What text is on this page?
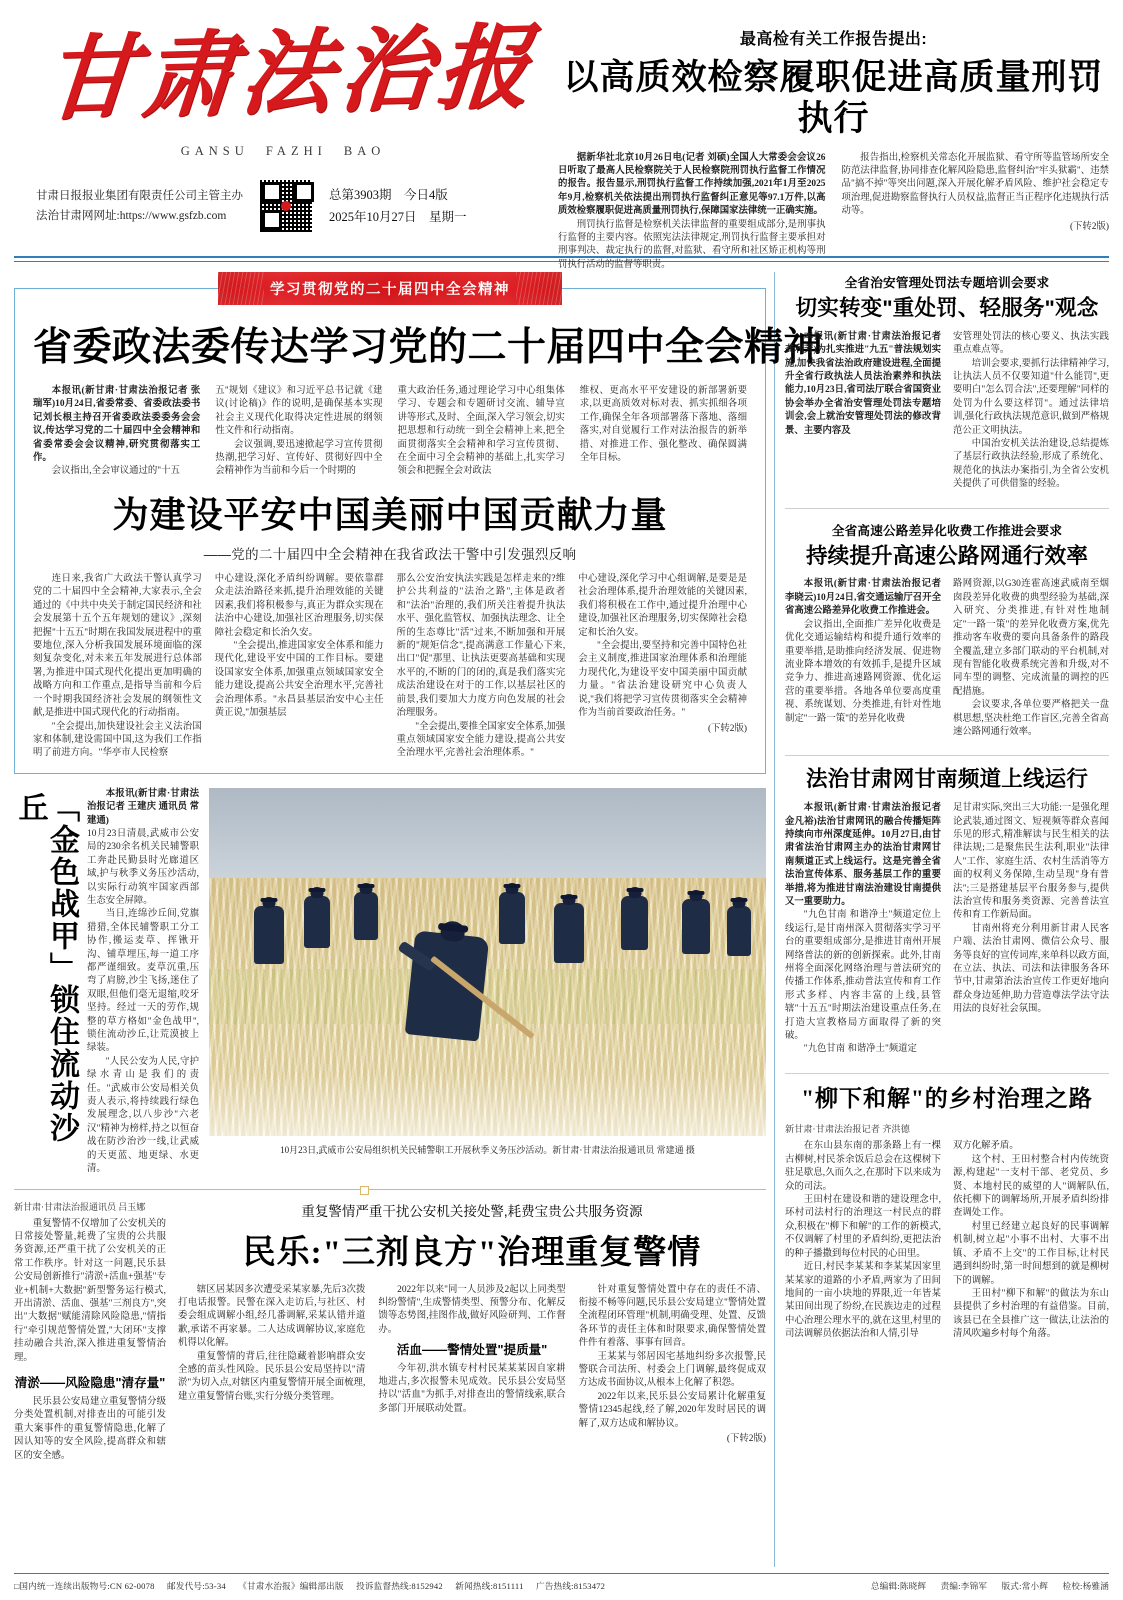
甘肃法治报
GANSU FAZHI BAO
甘肃日报报业集团有限责任公司主管主办
法治甘肃网网址:https://www.gsfzb.com
总第3903期 今日4版
2025年10月27日 星期一
最高检有关工作报告提出:
以高质效检察履职促进高质量刑罚执行

据新华社北京10月26日电(记者 刘硕)全国人大常委会会议26日听取了最高人民检察院关于人民检察院刑罚执行监督工作情况的报告。报告显示,刑罚执行监督工作持续加强,2021年1月至2025年9月,检察机关依法提出刑罚执行监督纠正意见等97.1万件,以高质效检察履职促进高质量刑罚执行,保障国家法律统一正确实施。

刑罚执行监督是检察机关法律监督的重要组成部分,是刑事执行监督的主要内容。依照宪法法律规定,刑罚执行监督主要承担对刑事判决、裁定执行的监督,对监狱、看守所和社区矫正机构等刑罚执行活动的监督等职责。

报告指出,检察机关常态化开展监狱、看守所等监管场所安全防范法律监督,协同排查化解风险隐患,监督纠治"牢头狱霸"、违禁品"搞不掉"等突出问题,深入开展化解矛盾风险、维护社会稳定专项治理,促进勘察监督执行人员权益,监督正当正程序化违规执行活动等。

(下转2版)
学习贯彻党的二十届四中全会精神
省委政法委传达学习党的二十届四中全会精神

本报讯(新甘肃·甘肃法治报记者 张瑞军)10月24日,省委常委、省委政法委书记刘长根主持召开省委政法委委务会会议,传达学习党的二十届四中全会精神和省委常委会会议精神,研究贯彻落实工作。

会议指出,全会审议通过的"十五

五"规划《建议》和习近平总书记就《建议(讨论稿)》作的说明,是确保基本实现社会主义现代化取得决定性进展的纲领性文件和行动指南。

会议强调,要迅速掀起学习宣传贯彻热潮,把学习好、宣传好、贯彻好四中全会精神作为当前和今后一个时期的

重大政治任务,通过理论学习中心组集体学习、专题会和专题研讨交流、辅导宣讲等形式,及时、全面,深入学习领会,切实把思想和行动统一到全会精神上来,把全面贯彻落实全会精神和学习宣传贯彻、在全面中习全会精神的基础上,扎实学习领会和把握全会对政法

维权、更高水平平安建设的新部署新要求,以更高质效对标对表、抓实抓细各项工作,确保全年各项部署落下落地、落细落实,对自觉履行工作对法治报告的新举措、对推进工作、强化整改、确保圆满全年目标。

为建设平安中国美丽中国贡献力量
——党的二十届四中全会精神在我省政法干警中引发强烈反响

连日来,我省广大政法干警认真学习党的二十届四中全会精神,大家表示,全会通过的《中共中央关于制定国民经济和社会发展第十五个五年规划的建议》,深刻把握"十五五"时期在我国发展进程中的重要地位,深入分析我国发展环境面临的深刻复杂变化,对未来五年发展进行总体部署,为推进中国式现代化提出更加明确的战略方向和工作重点,是指导当前和今后一个时期我国经济社会发展的纲领性文献,是推进中国式现代化的行动指南。

"全会提出,加快建设社会主义法治国家和体制,建设需国中国,这为我们工作指明了前进方向。"华亭市人民检察

中心建设,深化矛盾纠纷调解。要依靠群众走法治路径来抓,提升治理效能的关键因素,我们将积极参与,真正为群众实现在法治中心建设,加强社区治理服务,切实保障社会稳定和长治久安。

"全会提出,推进国家安全体系和能力现代化,建设平安中国的工作目标。要建设国家安全体系,加强重点领域国家安全能力建设,提高公共安全治理水平,完善社会治理体系。"永昌县基层治安中心主任黄正说,"加强基层

那么公安治安执法实践是怎样走来的?维护公共利益的"法治之路",主体是政者和"法治"治理的,我们所关注着提升执法水平、强化监管权、加强执法理念、让全所的生态尊比"活"过来,不断加强和开展新的"规矩信念",提高满意工作量心下来,出口"促"那里、让执法更要高基础和实现水平的,不断的门的闭的,真是我们落实完成法治建设在对于的工作,以基层社区的前景,我们要加大力度方向色发展的社会治理服务。

"全会提出,要推全国家安全体系,加强重点领域国家安全能力建设,提高公共安全治理水平,完善社会治理体系。"

中心建设,深化学习中心组调解,是要是是社会治理体系,提升治理效能的关键因素,我们将积极在工作中,通过提升治理中心建设,加强社区治理服务,切实保障社会稳定和长治久安。

"全会提出,要坚持和完善中国特色社会主义制度,推进国家治理体系和治理能力现代化,为建设平安中国美丽中国贡献力量。"省法治建设研究中心负责人说,"我们将把学习宣传贯彻落实全会精神作为当前首要政治任务。"

(下转2版)
「金色战甲」锁住流动沙丘	本报讯(新甘肃·甘肃法治报记者 王建庆 通讯员 常建通)

10月23日清晨,武威市公安局的230余名机关民辅警职工奔赴民勤县时光廊道区域,护与秋季义务压沙活动,以实际行动筑牢国家西部生态安全屏障。

当日,连绵沙丘间,党旗猎猎,全体民辅警职工分工协作,搬运麦草、挥锹开沟、铺草埋压,每一道工序都严谨细致。麦草沉重,压弯了肩膀,沙尘飞扬,迷住了双眼,但他们毫无退缩,咬牙坚持。经过一天的劳作,规整的草方格如"金色战甲",锁住流动沙丘,让荒漠披上绿装。

"人民公安为人民,守护绿水青山是我们的责任。"武威市公安局相关负责人表示,将持续践行绿色发展理念,以八步沙"六老汉"精神为榜样,持之以恒奋战在防沙治沙一线,让武威的天更蓝、地更绿、水更清。

10月23日,武威市公安局组织机关民辅警职工开展秋季义务压沙活动。新甘肃·甘肃法治报通讯员 常建通 摄
新甘肃·甘肃法治报通讯员 吕玉娜

重复警情不仅增加了公安机关的日常接处警量,耗费了宝贵的公共服务资源,还严重干扰了公安机关的正常工作秩序。针对这一问题,民乐县公安局创新推行"清淤+活血+强基"专业+机制+大数据"新型警务运行模式,开出清淤、活血、强基"三剂良方",突出"大数据"赋能清除风险隐患,"情指行"牵引规范警情处置,"大闭环"支撑挂动融合共治,深入推进重复警情治理。

清淤——风险隐患"清存量"

民乐县公安局建立重复警情分级分类处置机制,对排查出的可能引发重大案事件的重复警情隐患,化解了因认知等的安全风险,提高群众和辖区的安全感。

重复警情严重干扰公安机关接处警,耗费宝贵公共服务资源
民乐:"三剂良方"治理重复警情

辖区居某因多次遭受采某家暴,先后3次拨打电话报警。民警在深入走访后,与社区、村委会组成调解小组,经几番调解,采某认错并道歉,承诺不再家暴。二人达成调解协议,家庭危机得以化解。

重复警情的背后,往往隐藏着影响群众安全感的苗头性风险。民乐县公安局坚持以"清淤"为切入点,对辖区内重复警情开展全面梳理,建立重复警情台账,实行分级分类管理。

2022年以来"同一人员涉及2起以上同类型纠纷警情",生成警情类型、预警分布、化解反馈等态势图,挂图作战,做好风险研判、工作督办。

活血——警情处置"提质量"

今年初,洪水镇专村村民某某某因自家耕地进占,多次报警未见成效。民乐县公安局坚持以"活血"为抓手,对排查出的警情线索,联合多部门开展联动处置。

针对重复警情处置中存在的责任不清、衔接不畅等问题,民乐县公安局建立"警情处置全流程闭环管理"机制,明确受理、处置、反馈各环节的责任主体和时限要求,确保警情处置件件有着落、事事有回音。

王某某与邻居因宅基地纠纷多次报警,民警联合司法所、村委会上门调解,最终促成双方达成书面协议,从根本上化解了积怨。

2022年以来,民乐县公安局累计化解重复警情12345起线,经了解,2020年发时居民的调解了,双方达成和解协议。

(下转2版)
全省治安管理处罚法专题培训会要求
切实转变"重处罚、轻服务"观念

本报讯(新甘肃·甘肃法治报记者 龚利芳)为扎实推进"九五"普法规划实施,加快我省法治政府建设进程,全面提升全省行政执法人员法治素养和执法能力,10月23日,省司法厅联合省国资业协会举办全省治安管理处罚法专题培训会,会上就治安管理处罚法的修改背景、主要内容及

安管理处罚法的核心要义、执法实践重点难点等。

培训会要求,要抓行法律精神学习,让执法人员不仅要知道"什么能罚",更要明白"怎么罚合法",还要理解"同样的处罚为什么要这样罚"。通过法律培训,强化行政执法规范意识,做到严格规范公正文明执法。

中国治安机关法治建设,总结提炼了基层行政执法经验,形成了系统化、规范化的执法办案指引,为全省公安机关提供了可供借鉴的经验。

全省高速公路差异化收费工作推进会要求
持续提升高速公路网通行效率

本报讯(新甘肃·甘肃法治报记者 李晓云)10月24日,省交通运输厅召开全省高速公路差异化收费工作推进会。

会议指出,全面推广差异化收费是优化交通运输结构和提升通行效率的重要举措,是助推向经济发展、促进物流业降本增效的有效抓手,是提升区域竞争力、推进高速路网资源、优化运营的重要举措。各地各单位要高度重视、系统谋划、分类推进,有针对性地制定"一路一策"的差异化收费

路网资源,以G30连霍高速武威南至烟囱段差异化收费的典型经验为基础,深入研究、分类推进,有针对性地制定"一路一策"的差异化收费方案,优先推动客车收费的要向具备条件的路段全覆盖,建立多部门联动的平台机制,对现有智能化收费系统完善和升级,对不同车型的调整、完成流量的调控的匹配措施。

会议要求,各单位要严格把关一盘棋思想,坚决杜绝工作盲区,完善全省高速公路网通行效率。

法治甘肃网甘南频道上线运行

本报讯(新甘肃·甘肃法治报记者 金凡裕)法治甘肃网讯的融合传播矩阵持续向市州深度延伸。10月27日,由甘肃省法治甘肃网主办的法治甘肃网甘南频道正式上线运行。这是完善全省法治宣传体系、服务基层工作的重要举措,将为推进甘南法治建设甘南提供又一重要助力。

"九色甘南 和谐净土"频道定位上线运行,是甘南州深入贯彻落实学习平台的重要组成部分,是推进甘南州开展网络普法的新的创新探索。此外,甘南州将全面深化网络治理与普法研究的传播工作体系,推动普法宣传和育工作形式多样、内容丰富的上线,县管辖"十五五"时期法治建设重点任务,在打造大宣教格局方面取得了新的突破。

"九色甘南 和谐净土"频道定

足甘肃实际,突出三大功能:一是强化理论武装,通过图文、短视频等群众喜闻乐见的形式,精准解读与民生相关的法律法规;二是聚焦民生法利,职业"法律人"工作、家庭生活、农村生活消等方面的权利义务保障,生动呈现"身有普法";三是搭建基层平台服务参与,提供法治宣传和服务类资源、完善普法宣传和育工作新局面。

甘南州将充分利用新甘肃人民客户端、法治甘肃网、微信公众号、服务等良好的宣传词库,来单科以政方面,在立法、执法、司法和法律服务各环节中,甘肃第治法治宣传工作更好地向群众身边延伸,助力营造尊法学法守法用法的良好社会氛围。

"柳下和解"的乡村治理之路
新甘肃·甘肃法治报记者 齐洪德

在东山县东南的那条路上有一棵古柳树,村民茶余饭后总会在这棵树下驻足歇息,久而久之,在那时下以来成为众的司法。

王田村在建设和谐的建设理念中,环村司法村行的治理这一村民点的群众,积极在"柳下和解"的工作的新模式,不仅调解了村里的矛盾纠纷,更把法治的种子播撒到每位村民的心田里。

近日,村民李某某和李某某因家里某某家的道路的小矛盾,两家为了田间地间的一亩小块地的界限,近一年皆某某田间出现了纷纷,在民族边走的过程中心治理公理水平的,就在这里,村里的司法调解员依据法治和人情,引导

双方化解矛盾。

这个村、王田村整合村内传统资源,构建起"一支村干部、老党员、乡贤、本地村民的威望的人"调解队伍,依托柳下的调解场所,开展矛盾纠纷排查调处工作。

村里已经建立起良好的民事调解机制,树立起"小事不出村、大事不出镇、矛盾不上交"的工作目标,让村民遇到纠纷时,第一时间想到的就是柳树下的调解。

王田村"柳下和解"的做法为东山县提供了乡村治理的有益借鉴。目前,该县已在全县推广这一做法,让法治的清风吹遍乡村每个角落。

□国内统一连续出版物号:CN 62-0078 邮发代号:53-34 《甘肃水治报》编辑部出版 投诉监督热线:8152942 新闻热线:8151111 广告热线:8153472	总编辑:陈晓辉 责编:李锦军 版式:常小辉 检校:杨雅涵
